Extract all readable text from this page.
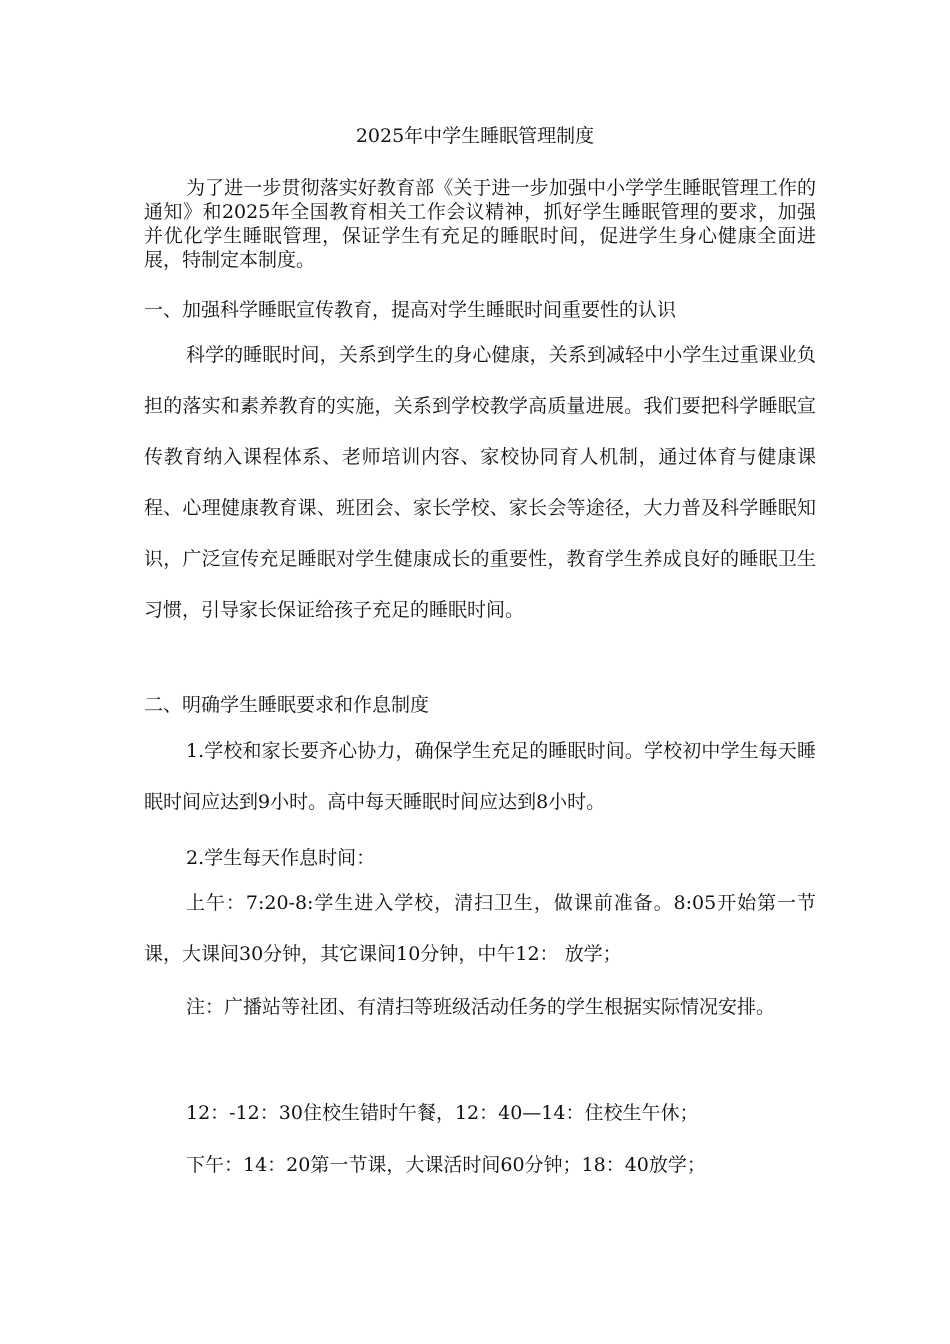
2025年中学生睡眠管理制度

为了进一步贯彻落实好教育部《关于进一步加强中小学学生睡眠管理工作的通知》和2025年全国教育相关工作会议精神，抓好学生睡眠管理的要求，加强并优化学生睡眠管理，保证学生有充足的睡眠时间，促进学生身心健康全面进展，特制定本制度。

一、加强科学睡眠宣传教育，提高对学生睡眠时间重要性的认识

科学的睡眠时间，关系到学生的身心健康，关系到减轻中小学生过重课业负担的落实和素养教育的实施，关系到学校教学高质量进展。我们要把科学睡眠宣传教育纳入课程体系、老师培训内容、家校协同育人机制，通过体育与健康课程、心理健康教育课、班团会、家长学校、家长会等途径，大力普及科学睡眠知识，广泛宣传充足睡眠对学生健康成长的重要性，教育学生养成良好的睡眠卫生习惯，引导家长保证给孩子充足的睡眠时间。

二、明确学生睡眠要求和作息制度

1.学校和家长要齐心协力，确保学生充足的睡眠时间。学校初中学生每天睡眠时间应达到9小时。高中每天睡眠时间应达到8小时。

2.学生每天作息时间：

上午：7:20-8:学生进入学校，清扫卫生，做课前准备。8:05开始第一节课，大课间30分钟，其它课间10分钟，中午12： 放学；

注：广播站等社团、有清扫等班级活动任务的学生根据实际情况安排。

12：-12：30住校生错时午餐，12：40—14：住校生午休；

下午：14：20第一节课，大课活时间60分钟；18：40放学；
